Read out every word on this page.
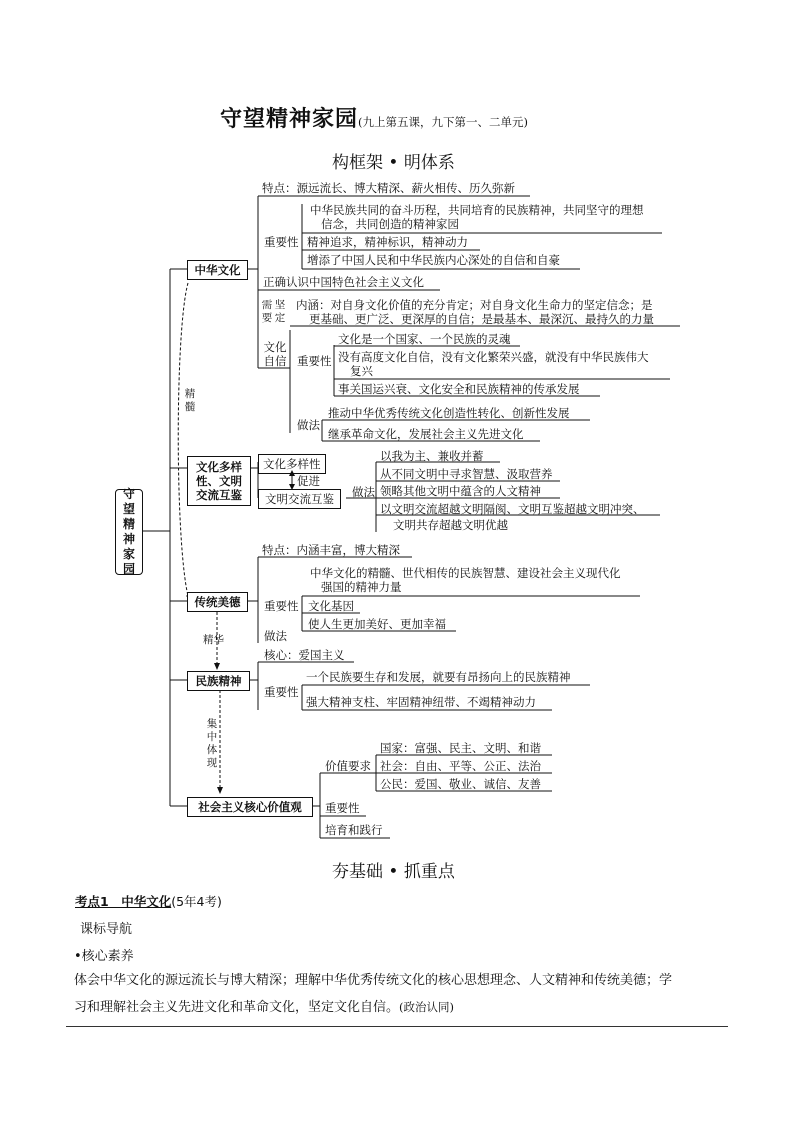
守望精神家园(九上第五课，九下第一、二单元)
构框架 • 明体系
守
望
精
神
家
园
精髓
精华
集
中
体
现
中华文化
特点：源远流长、博大精深、薪火相传、历久弥新
重要性
中华民族共同的奋斗历程，共同培育的民族精神，共同坚守的理想
信念，共同创造的精神家园
精神追求，精神标识，精神动力
增添了中国人民和中华民族内心深处的自信和自豪
正确认识中国特色社会主义文化
需
要
坚
定
文化
自信
内涵：对自身文化价值的充分肯定；对自身文化生命力的坚定信念；是
更基础、更广泛、更深厚的自信；是最基本、最深沉、最持久的力量
重要性
文化是一个国家、一个民族的灵魂
没有高度文化自信，没有文化繁荣兴盛，就没有中华民族伟大
复兴
事关国运兴衰、文化安全和民族精神的传承发展
做法
推动中华优秀传统文化创造性转化、创新性发展
继承革命文化，发展社会主义先进文化
文化多样
性、文明
交流互鉴
文化多样性
促进
文明交流互鉴	做法
以我为主、兼收并蓄
从不同文明中寻求智慧、汲取营养
领略其他文明中蕴含的人文精神
以文明交流超越文明隔阂、文明互鉴超越文明冲突、
文明共存超越文明优越
传统美德
特点：内涵丰富，博大精深
重要性
中华文化的精髓、世代相传的民族智慧、建设社会主义现代化
强国的精神力量
文化基因
做法
使人生更加美好、更加幸福
民族精神
核心：爱国主义
重要性
一个民族要生存和发展，就要有昂扬向上的民族精神
强大精神支柱、牢固精神纽带、不竭精神动力
社会主义核心价值观
价值要求
国家：富强、民主、文明、和谐
社会：自由、平等、公正、法治
公民：爱国、敬业、诚信、友善
重要性
培育和践行
夯基础 • 抓重点
考点1　中华文化(5年4考)
课标导航
•核心素养
体会中华文化的源远流长与博大精深；理解中华优秀传统文化的核心思想理念、人文精神和传统美德；学
习和理解社会主义先进文化和革命文化，坚定文化自信。(政治认同)
